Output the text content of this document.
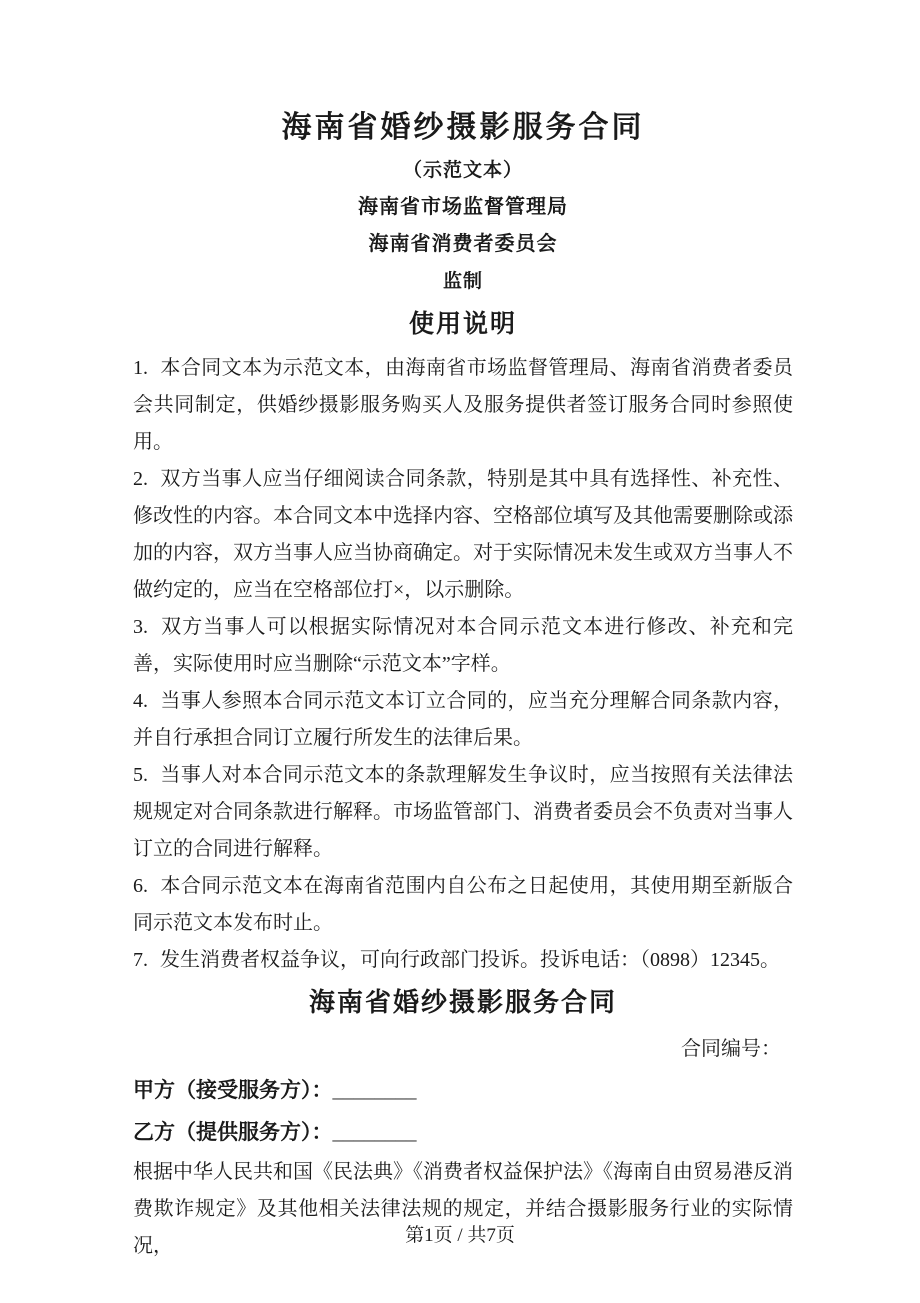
海南省婚纱摄影服务合同

（示范文本）

海南省市场监督管理局

海南省消费者委员会

监制

使用说明

1. 本合同文本为示范文本，由海南省市场监督管理局、海南省消费者委员会共同制定，供婚纱摄影服务购买人及服务提供者签订服务合同时参照使用。

2. 双方当事人应当仔细阅读合同条款，特别是其中具有选择性、补充性、修改性的内容。本合同文本中选择内容、空格部位填写及其他需要删除或添加的内容，双方当事人应当协商确定。对于实际情况未发生或双方当事人不做约定的，应当在空格部位打×，以示删除。

3. 双方当事人可以根据实际情况对本合同示范文本进行修改、补充和完善，实际使用时应当删除“示范文本”字样。

4. 当事人参照本合同示范文本订立合同的，应当充分理解合同条款内容，并自行承担合同订立履行所发生的法律后果。

5. 当事人对本合同示范文本的条款理解发生争议时，应当按照有关法律法规规定对合同条款进行解释。市场监管部门、消费者委员会不负责对当事人订立的合同进行解释。

6. 本合同示范文本在海南省范围内自公布之日起使用，其使用期至新版合同示范文本发布时止。

7. 发生消费者权益争议，可向行政部门投诉。投诉电话：（0898）12345。

海南省婚纱摄影服务合同

合同编号：

甲方（接受服务方）：________

乙方（提供服务方）：________

根据中华人民共和国《民法典》《消费者权益保护法》《海南自由贸易港反消费欺诈规定》及其他相关法律法规的规定，并结合摄影服务行业的实际情况，	第1页 / 共7页
